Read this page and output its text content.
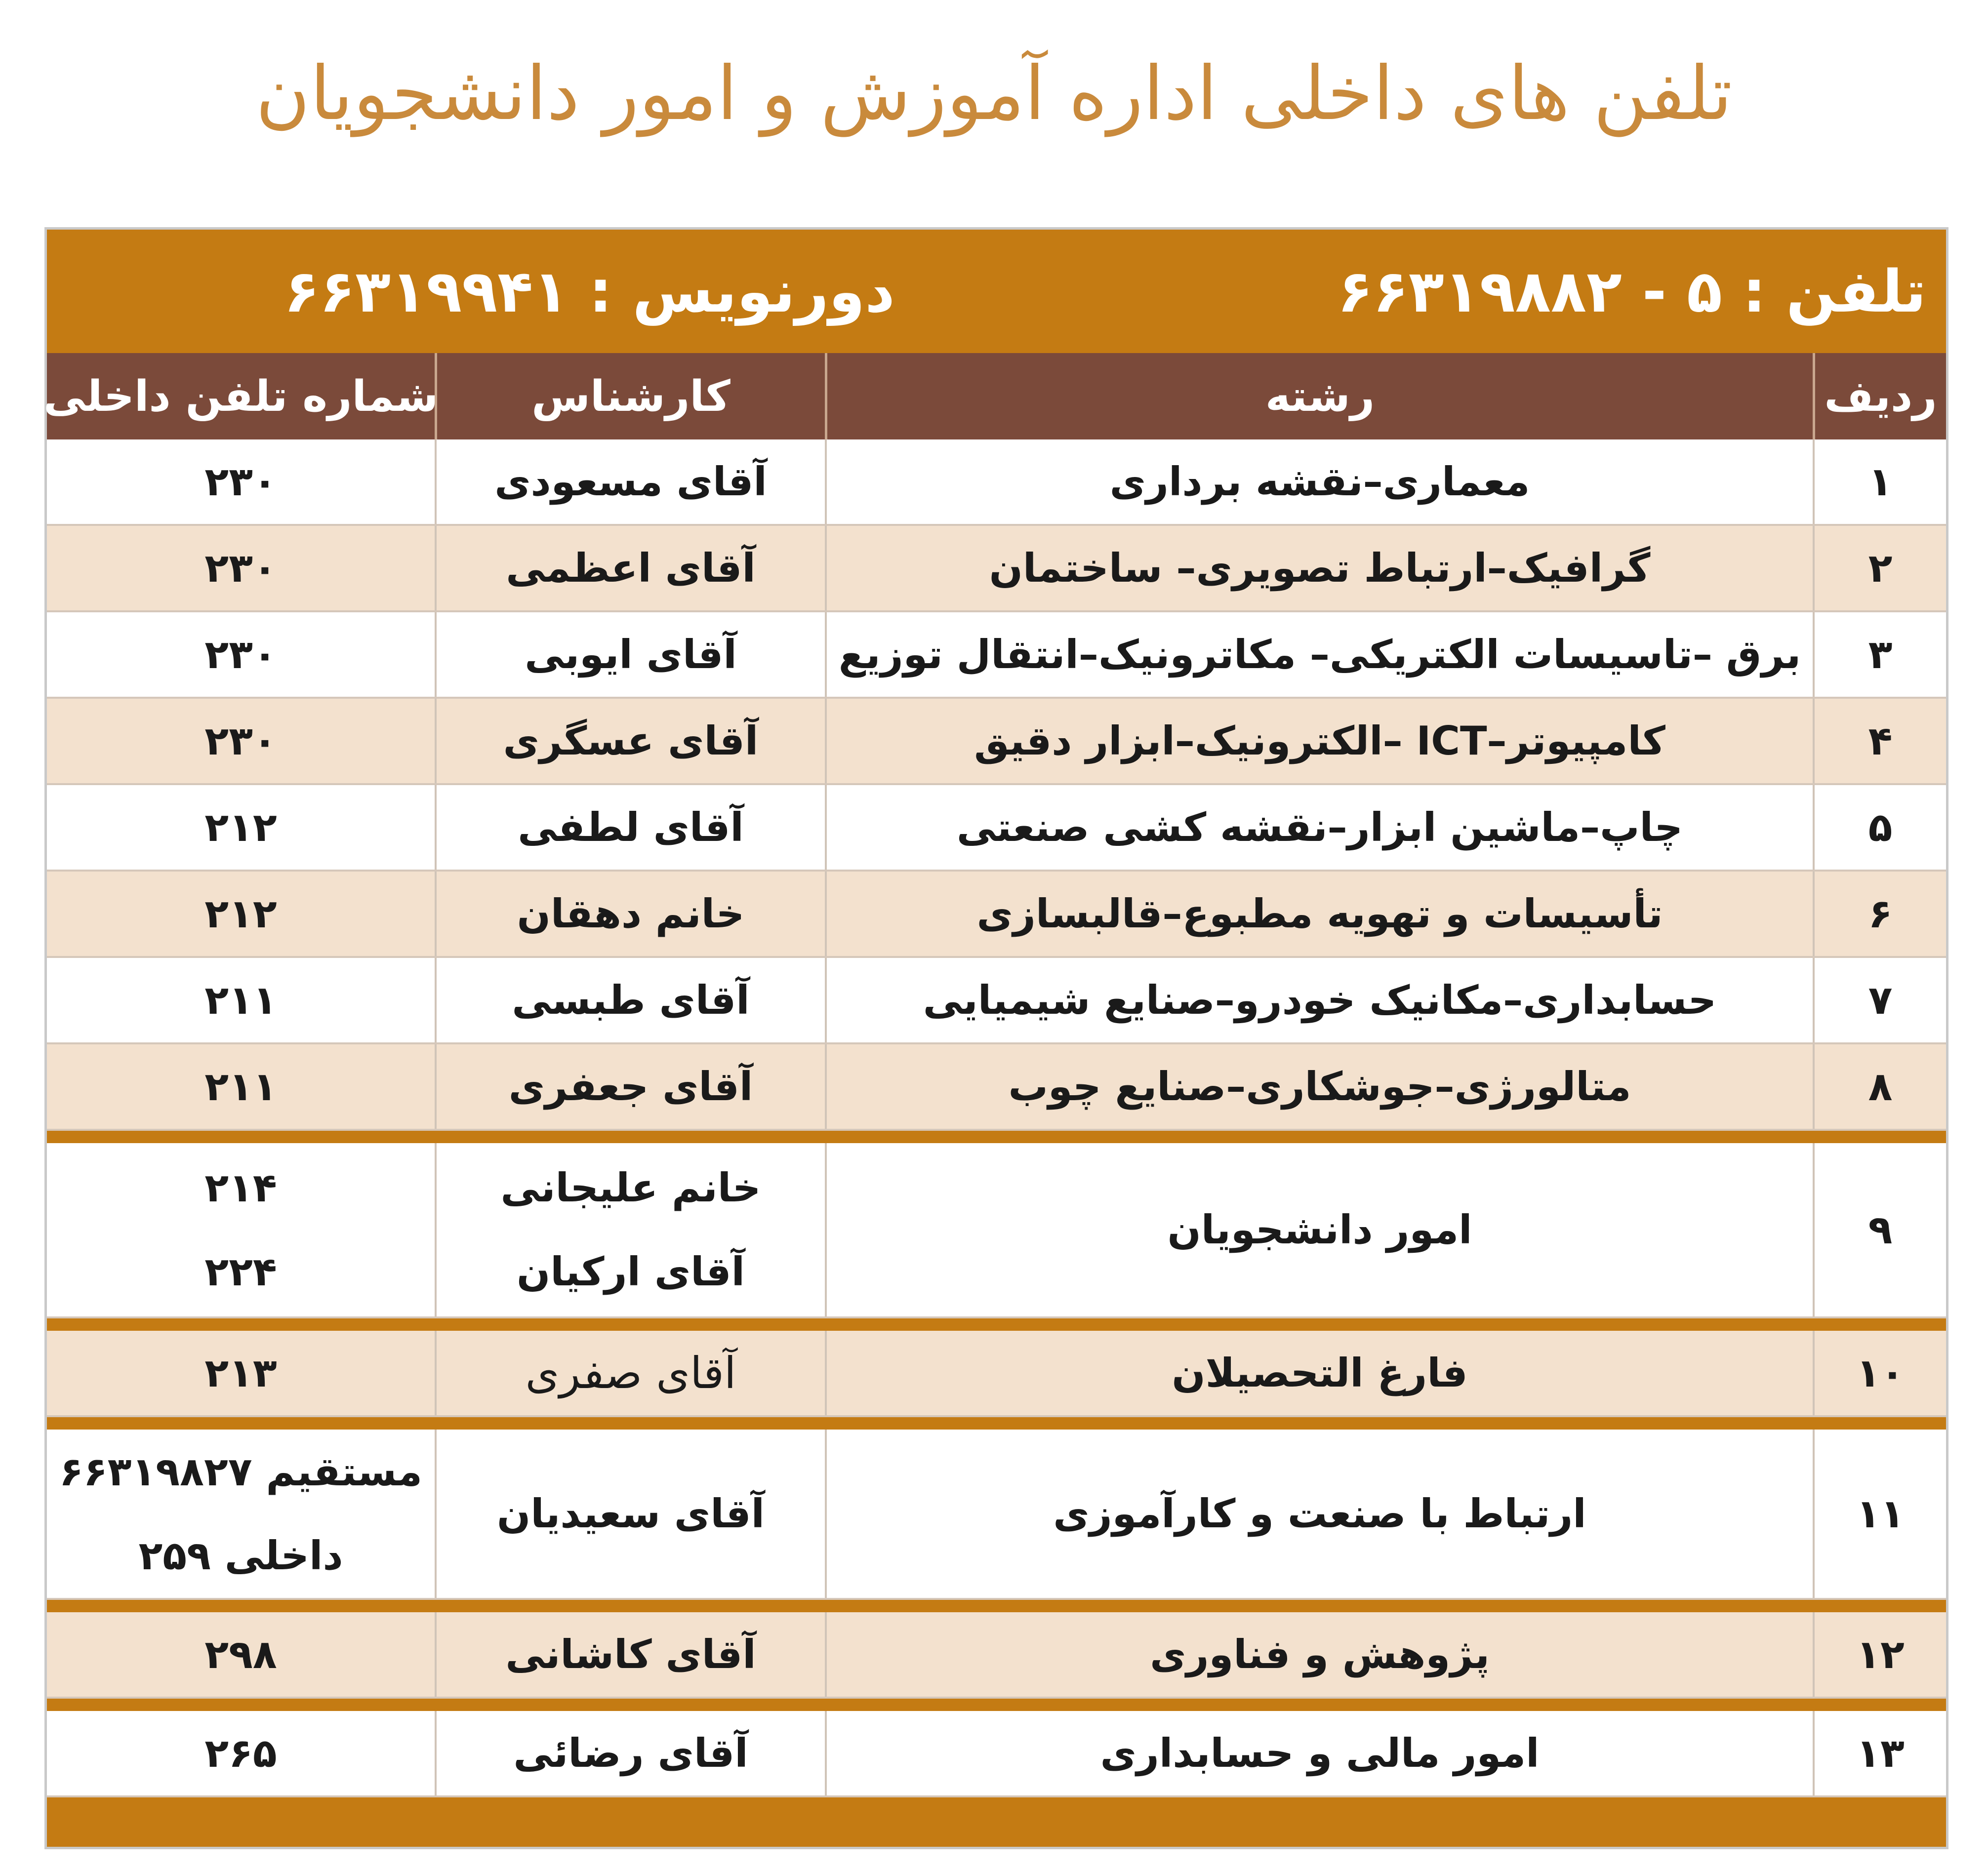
تلفن های داخلی اداره آموزش و امور دانشجویان
تلفن : ۵ - ۶۶۳۱۹۸۸۲
دورنویس : ۶۶۳۱۹۹۴۱
ردیف
رشته
کارشناس
شماره تلفن داخلی
۱
معماری–نقشه برداری
آقای مسعودی
۲۳۰
۲
گرافیک–ارتباط تصویری– ساختمان
آقای اعظمی
۲۳۰
۳
برق –تاسیسات الکتریکی– مکاترونیک–انتقال توزیع
آقای ایوبی
۲۳۰
۴
کامپیوتر–ICT –الکترونیک–ابزار دقیق
آقای عسگری
۲۳۰
۵
چاپ–ماشین ابزار–نقشه کشی صنعتی
آقای لطفی
۲۱۲
۶
تأسیسات و تهویه مطبوع–قالبسازی
خانم دهقان
۲۱۲
۷
حسابداری–مکانیک خودرو–صنایع شیمیایی
آقای طبسی
۲۱۱
۸
متالورژی–جوشکاری–صنایع چوب
آقای جعفری
۲۱۱
۹
امور دانشجویان
خانم علیجانی
آقای ارکیان
۲۱۴
۲۲۴
۱۰
فارغ التحصیلان
آقای صفری
۲۱۳
۱۱
ارتباط با صنعت و کارآموزی
آقای سعیدیان
مستقیم ۶۶۳۱۹۸۲۷
داخلی ۲۵۹
۱۲
پژوهش و فناوری
آقای کاشانی
۲۹۸
۱۳
امور مالی و حسابداری
آقای رضائی
۲۶۵
